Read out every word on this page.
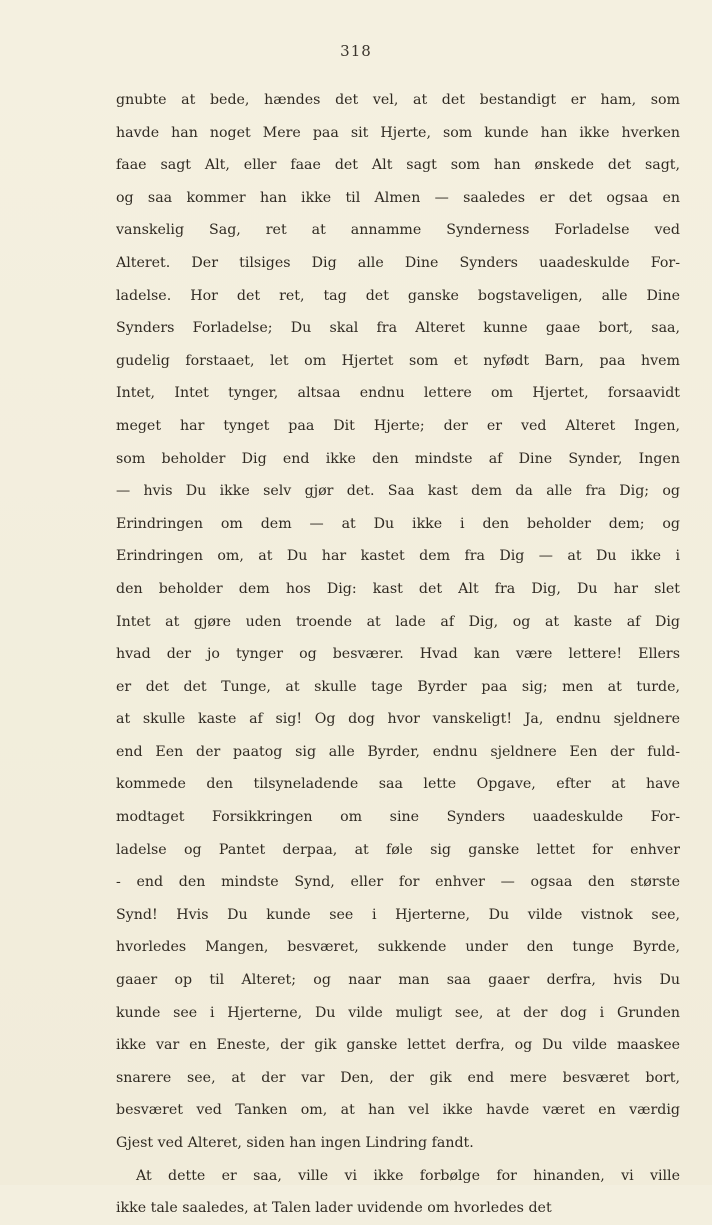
318
gnubte at bede, hændes det vel, at det bestandigt er ham, som
havde han noget Mere paa sit Hjerte, som kunde han ikke hverken
faae sagt Alt, eller faae det Alt sagt som han ønskede det sagt,
og saa kommer han ikke til Almen — saaledes er det ogsaa en
vanskelig Sag, ret at annamme Synderness Forladelse ved
Alteret. Der tilsiges Dig alle Dine Synders uaadeskulde For-
ladelse. Hor det ret, tag det ganske bogstaveligen, alle Dine
Synders Forladelse; Du skal fra Alteret kunne gaae bort, saa,
gudelig forstaaet, let om Hjertet som et nyfødt Barn, paa hvem
Intet, Intet tynger, altsaa endnu lettere om Hjertet, forsaavidt
meget har tynget paa Dit Hjerte; der er ved Alteret Ingen,
som beholder Dig end ikke den mindste af Dine Synder, Ingen
— hvis Du ikke selv gjør det. Saa kast dem da alle fra Dig; og
Erindringen om dem — at Du ikke i den beholder dem; og
Erindringen om, at Du har kastet dem fra Dig — at Du ikke i
den beholder dem hos Dig: kast det Alt fra Dig, Du har slet
Intet at gjøre uden troende at lade af Dig, og at kaste af Dig
hvad der jo tynger og besværer. Hvad kan være lettere! Ellers
er det det Tunge, at skulle tage Byrder paa sig; men at turde,
at skulle kaste af sig! Og dog hvor vanskeligt! Ja, endnu sjeldnere
end Een der paatog sig alle Byrder, endnu sjeldnere Een der fuld-
kommede den tilsyneladende saa lette Opgave, efter at have
modtaget Forsikkringen om sine Synders uaadeskulde For-
ladelse og Pantet derpaa, at føle sig ganske lettet for enhver
- end den mindste Synd, eller for enhver — ogsaa den største
Synd! Hvis Du kunde see i Hjerterne, Du vilde vistnok see,
hvorledes Mangen, besværet, sukkende under den tunge Byrde,
gaaer op til Alteret; og naar man saa gaaer derfra, hvis Du
kunde see i Hjerterne, Du vilde muligt see, at der dog i Grunden
ikke var en Eneste, der gik ganske lettet derfra, og Du vilde maaskee
snarere see, at der var Den, der gik end mere besværet bort,
besværet ved Tanken om, at han vel ikke havde været en værdig
Gjest ved Alteret, siden han ingen Lindring fandt.
At dette er saa, ville vi ikke forbølge for hinanden, vi ville
ikke tale saaledes, at Talen lader uvidende om hvorledes det
